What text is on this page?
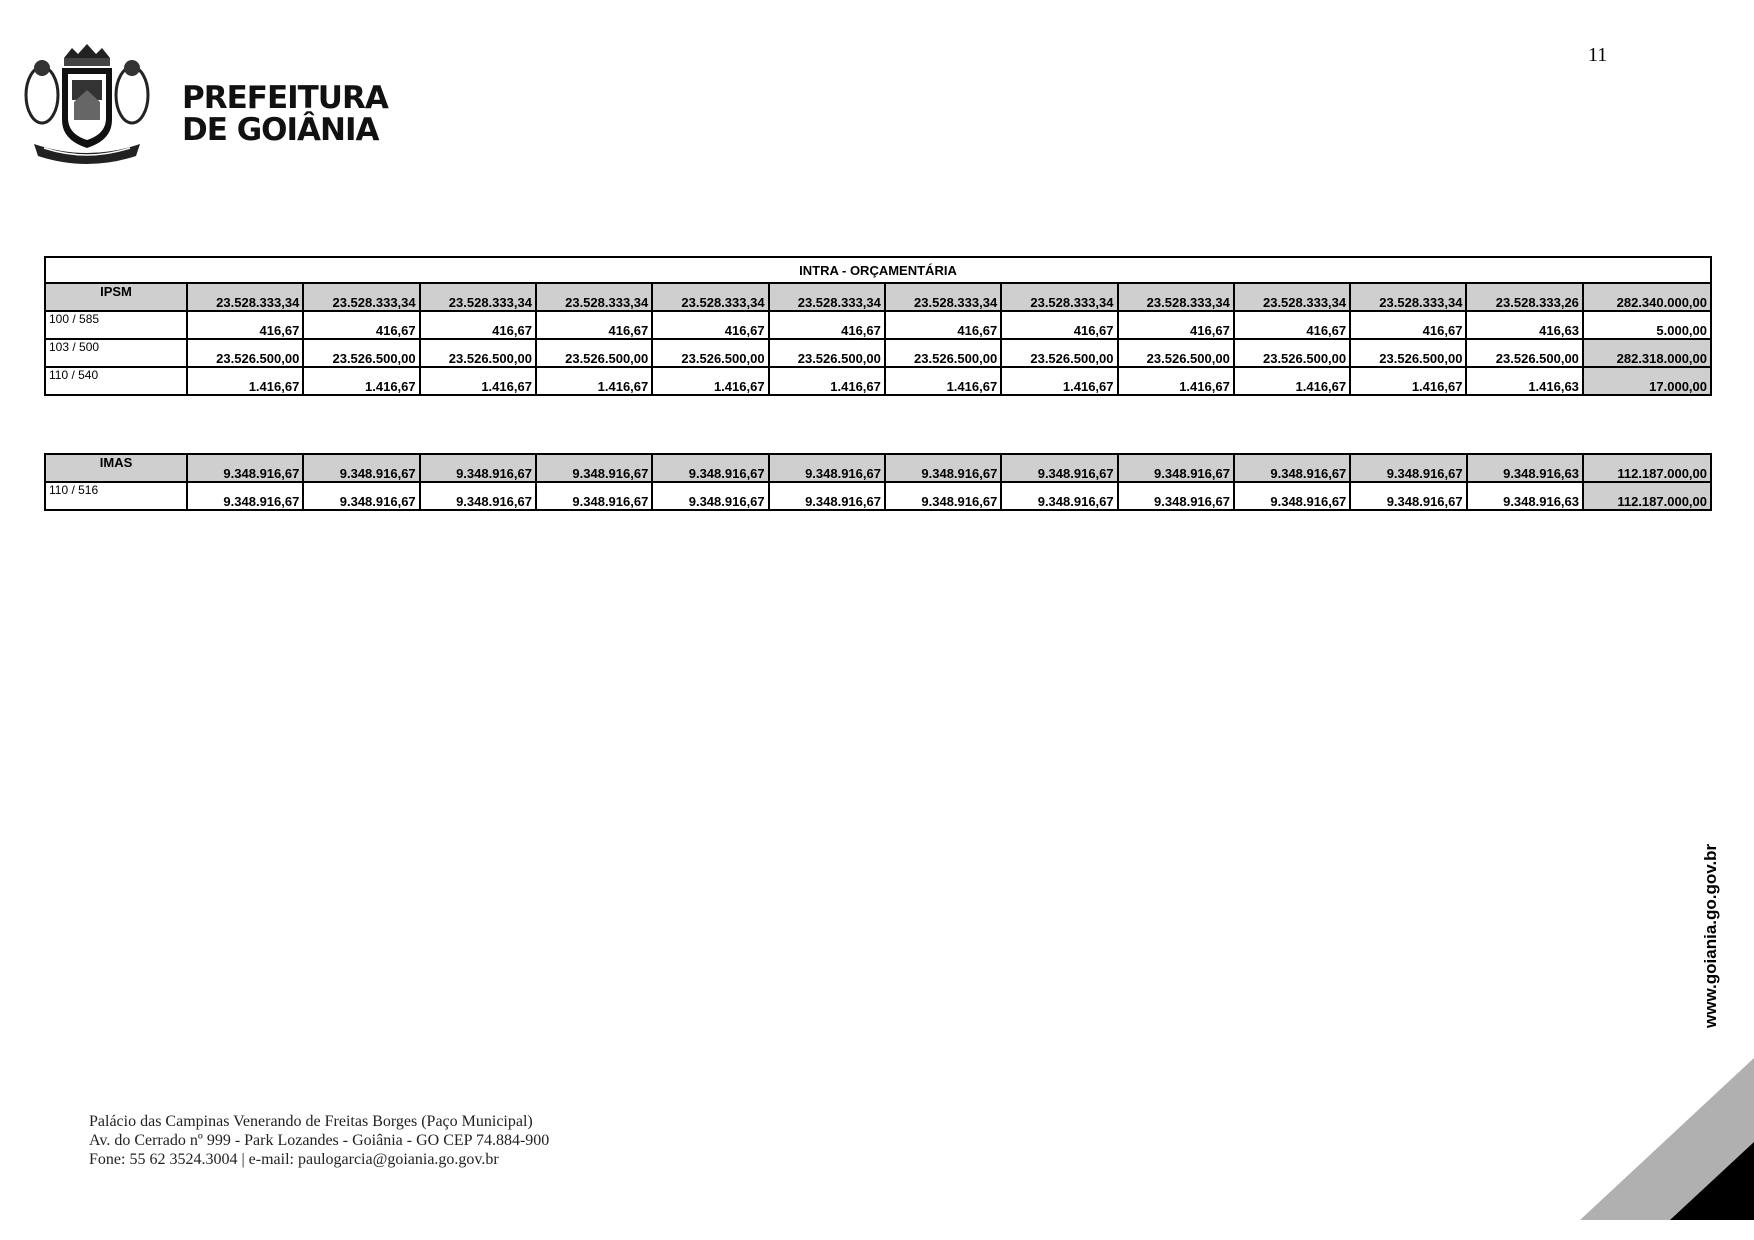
PREFEITURA
DE GOIÂNIA
11
INTRA - ORÇAMENTÁRIA													
IPSM	23.528.333,34	23.528.333,34	23.528.333,34	23.528.333,34	23.528.333,34	23.528.333,34	23.528.333,34	23.528.333,34	23.528.333,34	23.528.333,34	23.528.333,34	23.528.333,26	282.340.000,00
100 / 585	416,67	416,67	416,67	416,67	416,67	416,67	416,67	416,67	416,67	416,67	416,67	416,63	5.000,00
103 / 500	23.526.500,00	23.526.500,00	23.526.500,00	23.526.500,00	23.526.500,00	23.526.500,00	23.526.500,00	23.526.500,00	23.526.500,00	23.526.500,00	23.526.500,00	23.526.500,00	282.318.000,00
110 / 540	1.416,67	1.416,67	1.416,67	1.416,67	1.416,67	1.416,67	1.416,67	1.416,67	1.416,67	1.416,67	1.416,67	1.416,63	17.000,00
IMAS	9.348.916,67	9.348.916,67	9.348.916,67	9.348.916,67	9.348.916,67	9.348.916,67	9.348.916,67	9.348.916,67	9.348.916,67	9.348.916,67	9.348.916,67	9.348.916,63	112.187.000,00
110 / 516	9.348.916,67	9.348.916,67	9.348.916,67	9.348.916,67	9.348.916,67	9.348.916,67	9.348.916,67	9.348.916,67	9.348.916,67	9.348.916,67	9.348.916,67	9.348.916,63	112.187.000,00
Palácio das Campinas Venerando de Freitas Borges (Paço Municipal)
Av. do Cerrado nº 999 - Park Lozandes - Goiânia - GO CEP 74.884-900
Fone: 55 62 3524.3004 | e-mail: paulogarcia@goiania.go.gov.br
www.goiania.go.gov.br
